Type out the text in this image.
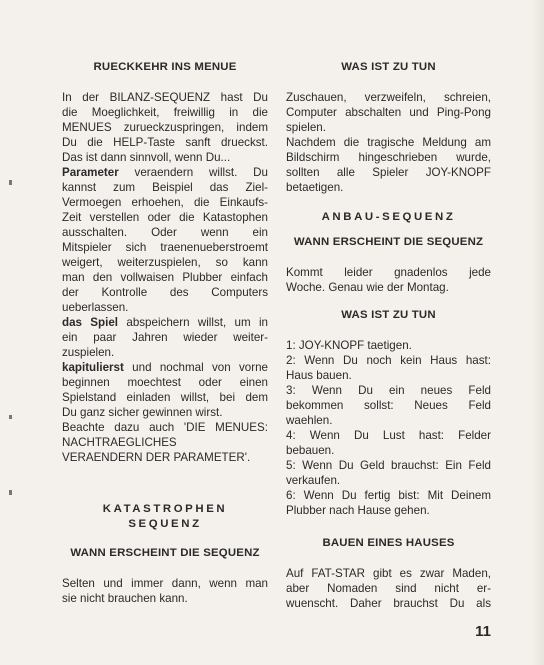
RUECKKEHR INS MENUE

In der BILANZ-SEQUENZ hast Du
die Moeglichkeit, freiwillig in die
MENUES zurueckzuspringen, indem
Du die HELP-Taste sanft drueckst.
Das ist dann sinnvoll, wenn Du...

Parameter veraendern willst. Du
kannst zum Beispiel das Ziel-
Vermoegen erhoehen, die Einkaufs-
Zeit verstellen oder die Katastophen
ausschalten. Oder wenn ein
Mitspieler sich traenenueberstroemt
weigert, weiterzuspielen, so kann
man den vollwaisen Plubber einfach
der Kontrolle des Computers
ueberlassen.

das Spiel abspeichern willst, um in
ein paar Jahren wieder weiter-
zuspielen.

kapitulierst und nochmal von vorne
beginnen moechtest oder einen
Spielstand einladen willst, bei dem
Du ganz sicher gewinnen wirst.

Beachte dazu auch 'DIE MENUES:
NACHTRAEGLICHES
VERAENDERN DER PARAMETER'.

KATASTROPHEN

SEQUENZ

WANN ERSCHEINT DIE SEQUENZ

Selten und immer dann, wenn man
sie nicht brauchen kann.

WAS IST ZU TUN

Zuschauen, verzweifeln, schreien,
Computer abschalten und Ping-Pong
spielen.
Nachdem die tragische Meldung am
Bildschirm hingeschrieben wurde,
sollten alle Spieler JOY-KNOPF
betaetigen.

ANBAU-SEQUENZ

WANN ERSCHEINT DIE SEQUENZ

Kommt leider gnadenlos jede
Woche. Genau wie der Montag.

WAS IST ZU TUN

1: JOY-KNOPF taetigen.
2: Wenn Du noch kein Haus hast:
Haus bauen.
3: Wenn Du ein neues Feld
bekommen sollst: Neues Feld
waehlen.
4: Wenn Du Lust hast: Felder
bebauen.
5: Wenn Du Geld brauchst: Ein Feld
verkaufen.
6: Wenn Du fertig bist: Mit Deinem
Plubber nach Hause gehen.

BAUEN EINES HAUSES

Auf FAT-STAR gibt es zwar Maden,
aber Nomaden sind nicht er-
wuenscht. Daher brauchst Du als

11
